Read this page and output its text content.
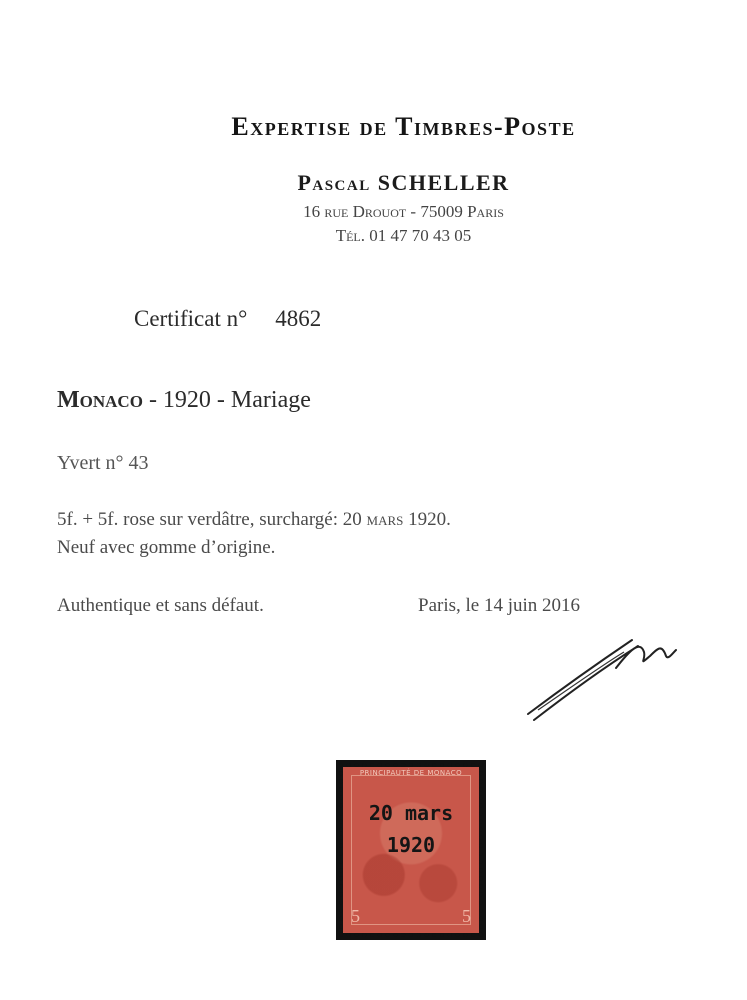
Expertise de Timbres-Poste
Pascal SCHELLER
16 rue Drouot - 75009 Paris
Tél. 01 47 70 43 05
Certificat n° 4862
Monaco - 1920 - Mariage
Yvert n° 43
5f. + 5f. rose sur verdâtre, surchargé: 20 mars 1920.
Neuf avec gomme d’origine.
Authentique et sans défaut.	Paris, le 14 juin 2016
PRINCIPAUTÉ DE MONACO
20 mars
1920
5	5
